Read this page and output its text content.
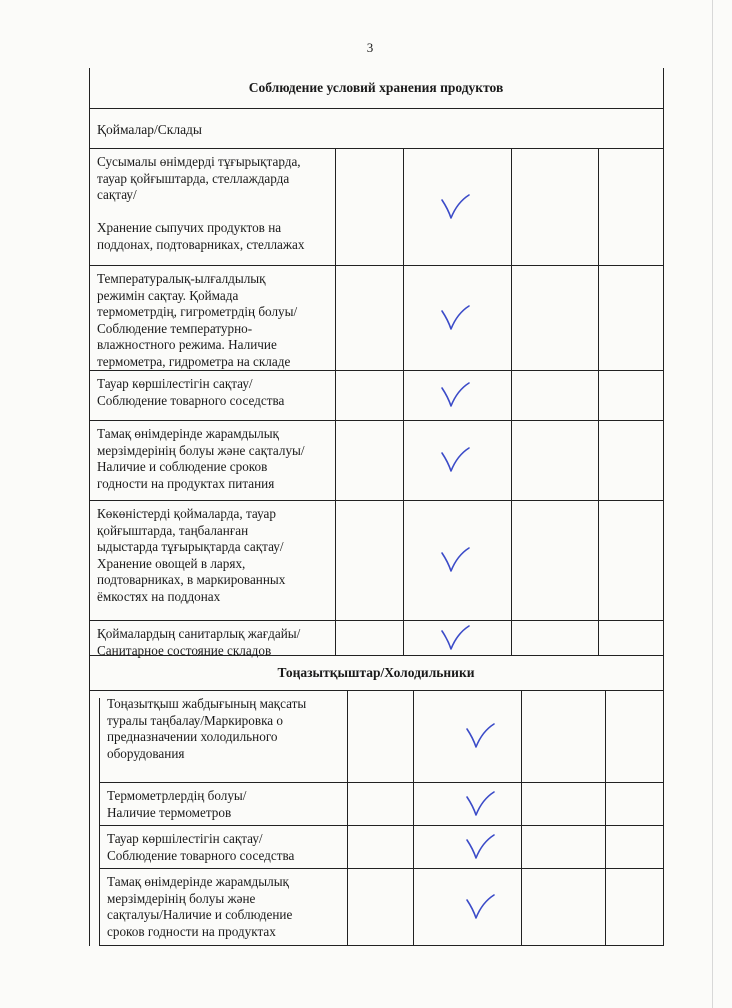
3
Соблюдение условий хранения продуктов
Қоймалар/Склады
Сусымалы өнімдерді тұғырықтарда,
тауар қойғыштарда, стеллаждарда
сақтау/

Хранение сыпучих продуктов на
поддонах, подтоварниках, стеллажах
Температуралық-ылғалдылық
режимін сақтау. Қоймада
термометрдің, гигрометрдің болуы/
Соблюдение температурно-
влажностного режима. Наличие
термометра, гидрометра на складе
Тауар көршілестігін сақтау/
Соблюдение товарного соседства
Тамақ өнімдерінде жарамдылық
мерзімдерінің болуы және сақталуы/
Наличие и соблюдение сроков
годности на продуктах питания
Көкөністерді қоймаларда, тауар
қойғыштарда, таңбаланған
ыдыстарда тұғырықтарда сақтау/
Хранение овощей в ларях,
подтоварниках, в маркированных
ёмкостях на поддонах
Қоймалардың санитарлық жағдайы/
Санитарное состояние складов
Тоңазытқыштар/Холодильники
Тоңазытқыш жабдығының мақсаты
туралы таңбалау/Маркировка о
предназначении холодильного
оборудования
Термометрлердің болуы/
Наличие термометров
Тауар көршілестігін сақтау/
Соблюдение товарного соседства
Тамақ өнімдерінде жарамдылық
мерзімдерінің болуы және
сақталуы/Наличие и соблюдение
сроков годности на продуктах
